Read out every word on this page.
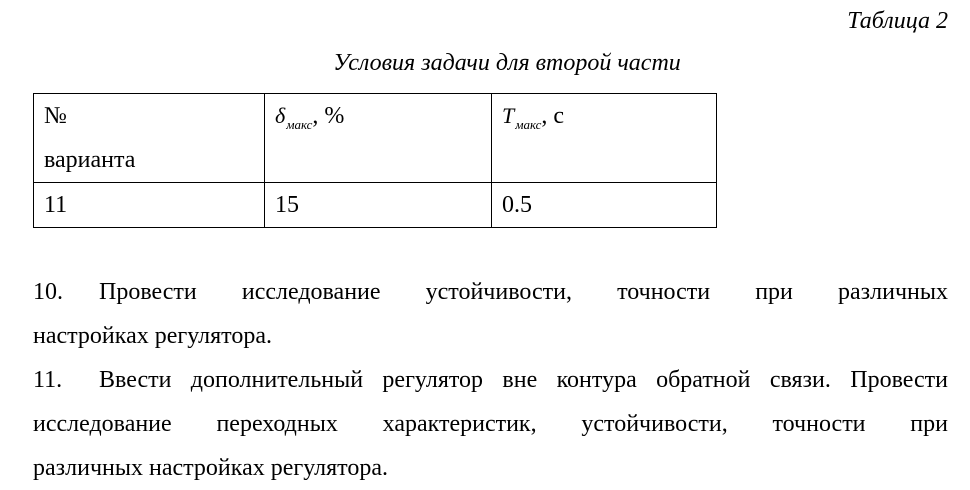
Таблица 2
Условия задачи для второй части
№
варианта	$\delta_{макс}$, %	$T_{макс}$, с
11	15	0.5
10. Провести исследование устойчивости, точности при различных
настройках регулятора.
11. Ввести дополнительный регулятор вне контура обратной связи. Провести
исследование переходных характеристик, устойчивости, точности при
различных настройках регулятора.
